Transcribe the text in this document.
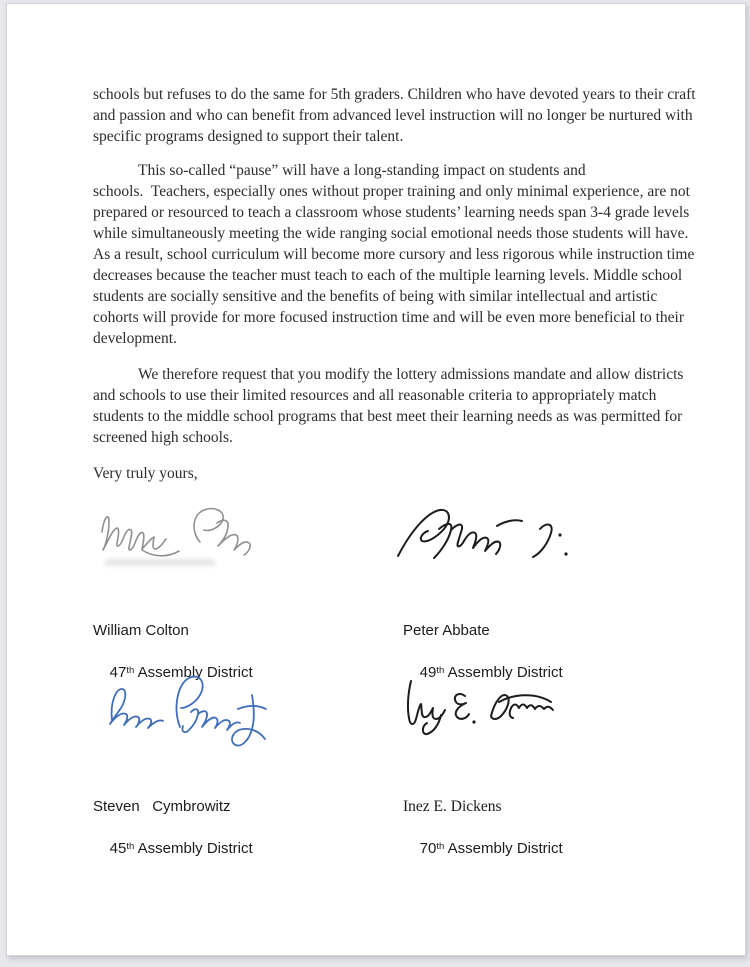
schools but refuses to do the same for 5th graders. Children who have devoted years to their craft
and passion and who can benefit from advanced level instruction will no longer be nurtured with
specific programs designed to support their talent.
This so-called “pause” will have a long-standing impact on students and
schools.  Teachers, especially ones without proper training and only minimal experience, are not
prepared or resourced to teach a classroom whose students’ learning needs span 3-4 grade levels
while simultaneously meeting the wide ranging social emotional needs those students will have.
As a result, school curriculum will become more cursory and less rigorous while instruction time
decreases because the teacher must teach to each of the multiple learning levels. Middle school
students are socially sensitive and the benefits of being with similar intellectual and artistic
cohorts will provide for more focused instruction time and will be even more beneficial to their
development.
We therefore request that you modify the lottery admissions mandate and allow districts
and schools to use their limited resources and all reasonable criteria to appropriately match
students to the middle school programs that best meet their learning needs as was permitted for
screened high schools.
Very truly yours,

William Colton

47th Assembly District

Peter Abbate

49th Assembly District

Steven   Cymbrowitz

45th Assembly District

Inez E. Dickens

70th Assembly District
